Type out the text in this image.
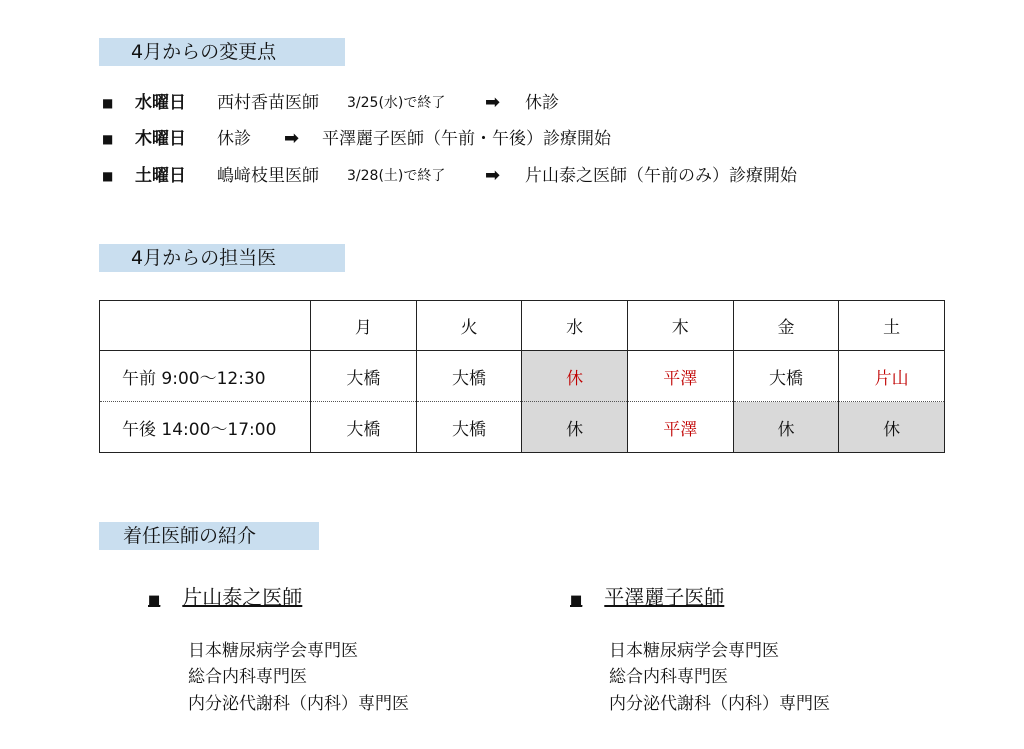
4月からの変更点
■ 水曜日 西村香苗医師 3/25(水)で終了 ➡ 休診
■ 木曜日 休診 ➡ 平澤麗子医師（午前・午後）診療開始
■ 土曜日 嶋﨑枝里医師 3/28(土)で終了 ➡ 片山泰之医師（午前のみ）診療開始
4月からの担当医
	月	火	水	木	金	土
午前 9:00〜12:30	大橋	大橋	休	平澤	大橋	片山
午後 14:00〜17:00	大橋	大橋	休	平澤	休	休
着任医師の紹介
■ 片山泰之医師
日本糖尿病学会専門医
総合内科専門医
内分泌代謝科（内科）専門医
■ 平澤麗子医師
日本糖尿病学会専門医
総合内科専門医
内分泌代謝科（内科）専門医
